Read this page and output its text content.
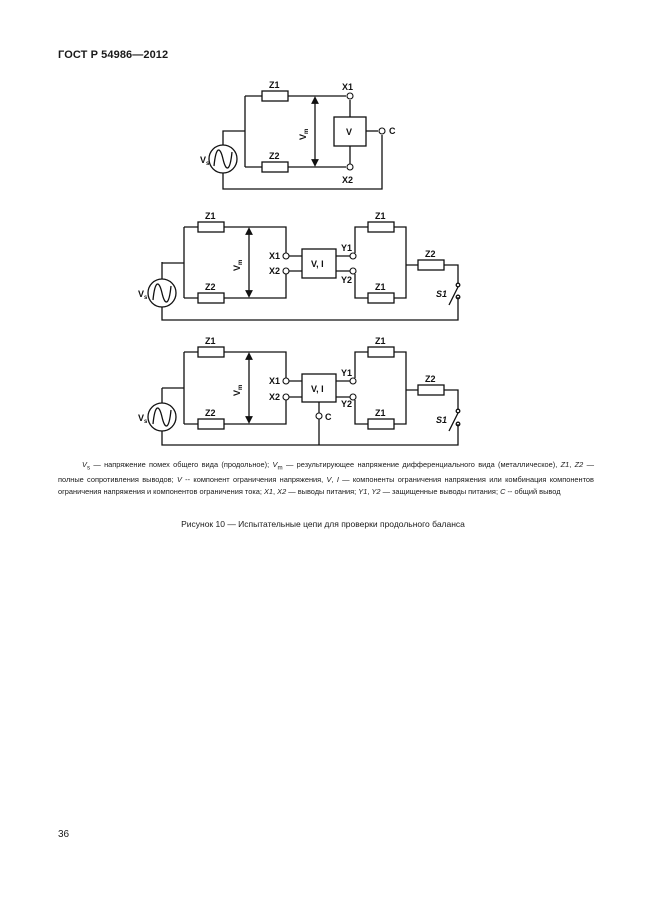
ГОСТ Р 54986—2012
Z1
Z2
X1
X2
C
V
$V_s$
$V_m$
Z1
Z2
Z1
Z1
Z2
X1
X2
Y1
Y2
V, I
S1
$V_s$
$V_m$
Z1
Z2
Z1
Z1
Z2
X1
X2
Y1
Y2
V, I
C	S1
$V_s$
$V_m$

$V_s$ — напряжение помех общего вида (продольное); $V_m$ — результирующее напряжение дифференциального вида (металлическое), Z1, Z2 — полные сопротивления выводов; V -- компонент ограничения напряжения, V, I — компоненты ограничения напряжения или комбинация компонентов ограничения напряжения и компонентов ограничения тока; X1, X2 — выводы питания; Y1, Y2 — защищенные выводы питания; C -- общий вывод

Рисунок 10 — Испытательные цепи для проверки продольного баланса
36
